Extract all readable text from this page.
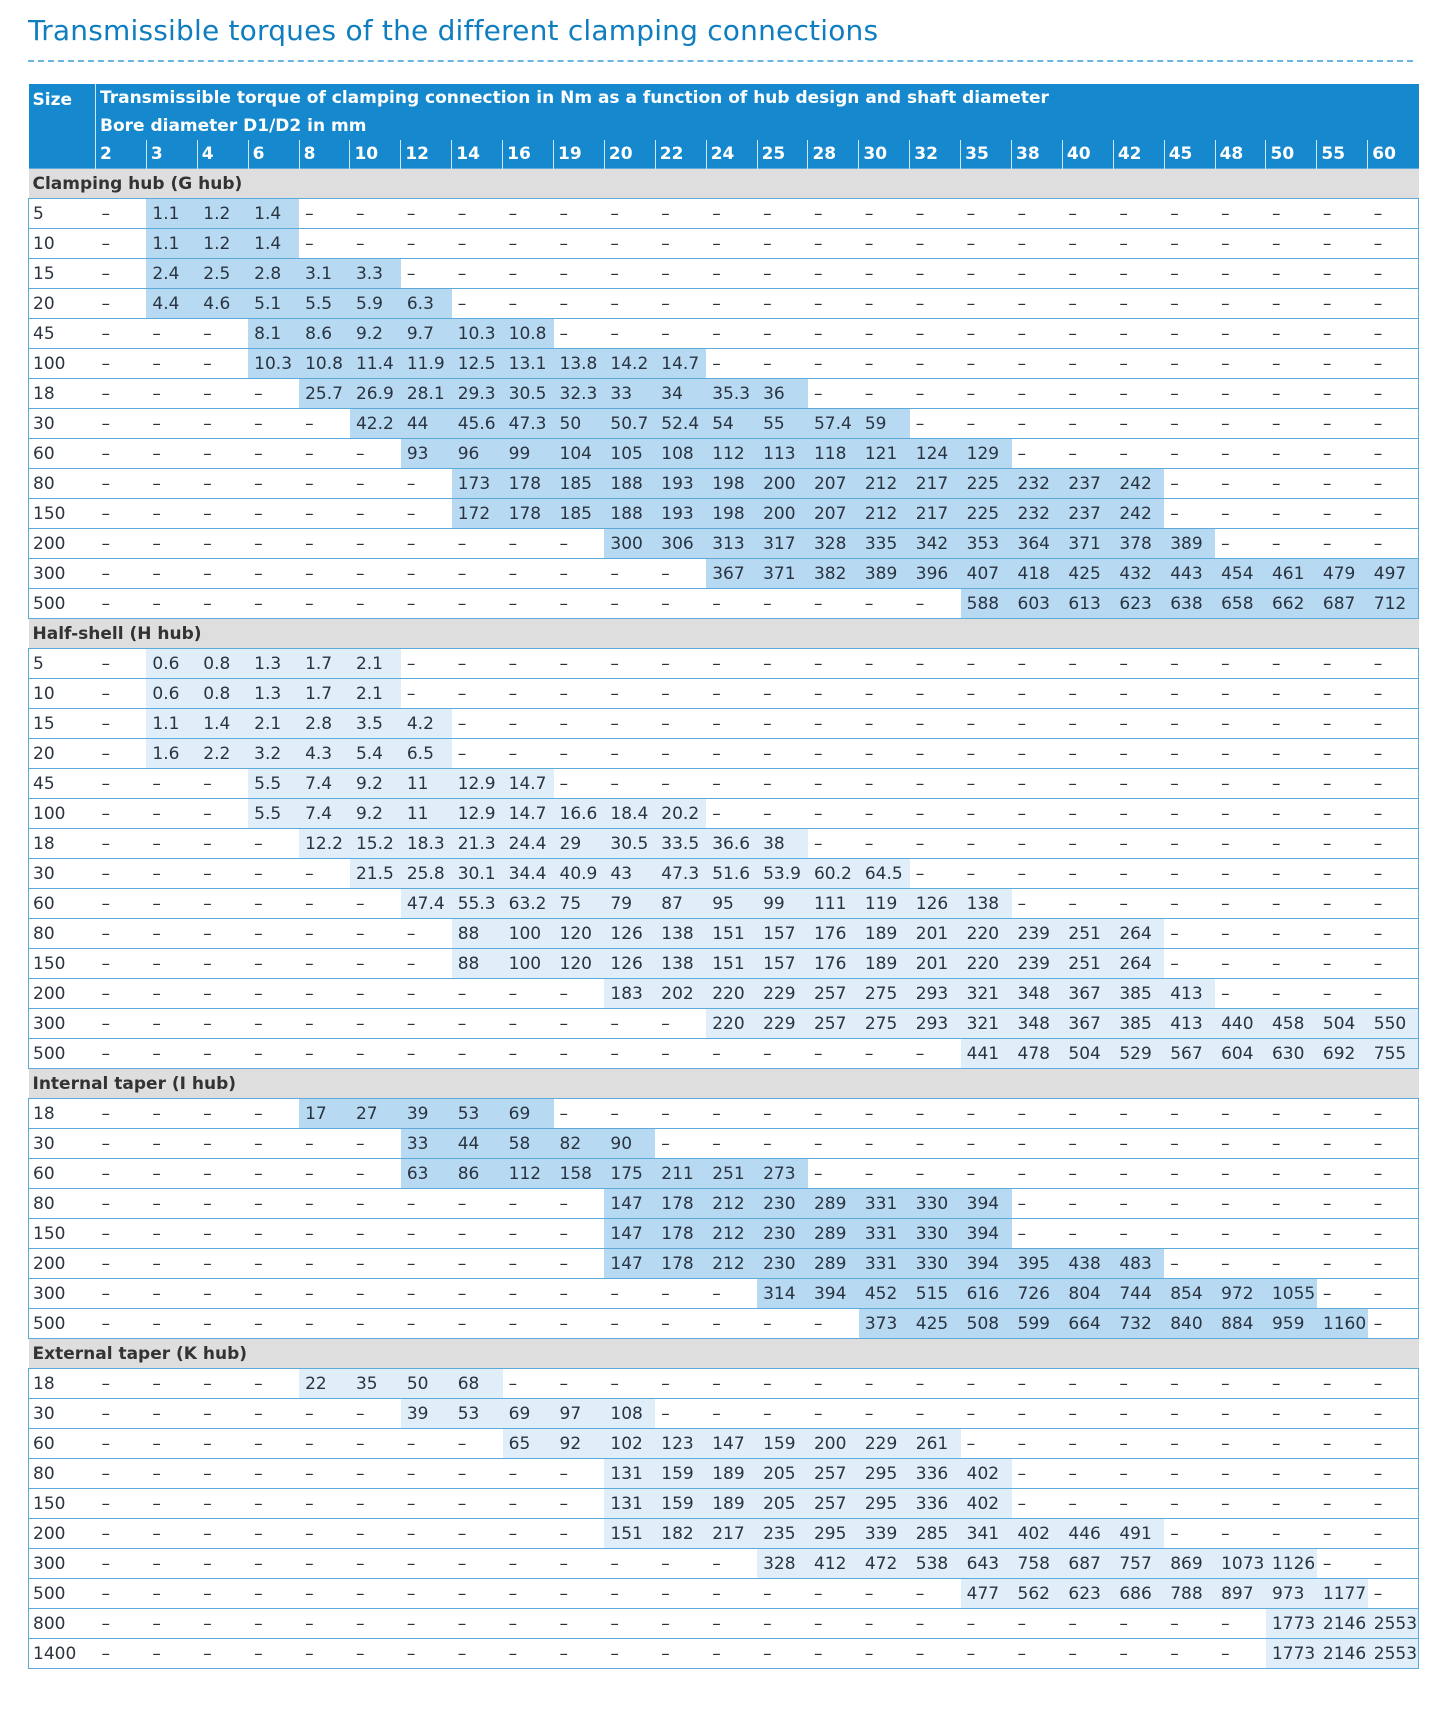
Transmissible torques of the different clamping connections
Size	Transmissible torque of clamping connection in Nm as a function of hub design and shaft diameter																									
	Bore diameter D1/D2 in mm																									
	2	3	4	6	8	10	12	14	16	19	20	22	24	25	28	30	32	35	38	40	42	45	48	50	55	60
Clamping hub (G hub)																										
5	–	1.1	1.2	1.4	–	–	–	–	–	–	–	–	–	–	–	–	–	–	–	–	–	–	–	–	–	–
10	–	1.1	1.2	1.4	–	–	–	–	–	–	–	–	–	–	–	–	–	–	–	–	–	–	–	–	–	–
15	–	2.4	2.5	2.8	3.1	3.3	–	–	–	–	–	–	–	–	–	–	–	–	–	–	–	–	–	–	–	–
20	–	4.4	4.6	5.1	5.5	5.9	6.3	–	–	–	–	–	–	–	–	–	–	–	–	–	–	–	–	–	–	–
45	–	–	–	8.1	8.6	9.2	9.7	10.3	10.8	–	–	–	–	–	–	–	–	–	–	–	–	–	–	–	–	–
100	–	–	–	10.3	10.8	11.4	11.9	12.5	13.1	13.8	14.2	14.7	–	–	–	–	–	–	–	–	–	–	–	–	–	–
18	–	–	–	–	25.7	26.9	28.1	29.3	30.5	32.3	33	34	35.3	36	–	–	–	–	–	–	–	–	–	–	–	–
30	–	–	–	–	–	42.2	44	45.6	47.3	50	50.7	52.4	54	55	57.4	59	–	–	–	–	–	–	–	–	–	–
60	–	–	–	–	–	–	93	96	99	104	105	108	112	113	118	121	124	129	–	–	–	–	–	–	–	–
80	–	–	–	–	–	–	–	173	178	185	188	193	198	200	207	212	217	225	232	237	242	–	–	–	–	–
150	–	–	–	–	–	–	–	172	178	185	188	193	198	200	207	212	217	225	232	237	242	–	–	–	–	–
200	–	–	–	–	–	–	–	–	–	–	300	306	313	317	328	335	342	353	364	371	378	389	–	–	–	–
300	–	–	–	–	–	–	–	–	–	–	–	–	367	371	382	389	396	407	418	425	432	443	454	461	479	497
500	–	–	–	–	–	–	–	–	–	–	–	–	–	–	–	–	–	588	603	613	623	638	658	662	687	712
Half-shell (H hub)																										
5	–	0.6	0.8	1.3	1.7	2.1	–	–	–	–	–	–	–	–	–	–	–	–	–	–	–	–	–	–	–	–
10	–	0.6	0.8	1.3	1.7	2.1	–	–	–	–	–	–	–	–	–	–	–	–	–	–	–	–	–	–	–	–
15	–	1.1	1.4	2.1	2.8	3.5	4.2	–	–	–	–	–	–	–	–	–	–	–	–	–	–	–	–	–	–	–
20	–	1.6	2.2	3.2	4.3	5.4	6.5	–	–	–	–	–	–	–	–	–	–	–	–	–	–	–	–	–	–	–
45	–	–	–	5.5	7.4	9.2	11	12.9	14.7	–	–	–	–	–	–	–	–	–	–	–	–	–	–	–	–	–
100	–	–	–	5.5	7.4	9.2	11	12.9	14.7	16.6	18.4	20.2	–	–	–	–	–	–	–	–	–	–	–	–	–	–
18	–	–	–	–	12.2	15.2	18.3	21.3	24.4	29	30.5	33.5	36.6	38	–	–	–	–	–	–	–	–	–	–	–	–
30	–	–	–	–	–	21.5	25.8	30.1	34.4	40.9	43	47.3	51.6	53.9	60.2	64.5	–	–	–	–	–	–	–	–	–	–
60	–	–	–	–	–	–	47.4	55.3	63.2	75	79	87	95	99	111	119	126	138	–	–	–	–	–	–	–	–
80	–	–	–	–	–	–	–	88	100	120	126	138	151	157	176	189	201	220	239	251	264	–	–	–	–	–
150	–	–	–	–	–	–	–	88	100	120	126	138	151	157	176	189	201	220	239	251	264	–	–	–	–	–
200	–	–	–	–	–	–	–	–	–	–	183	202	220	229	257	275	293	321	348	367	385	413	–	–	–	–
300	–	–	–	–	–	–	–	–	–	–	–	–	220	229	257	275	293	321	348	367	385	413	440	458	504	550
500	–	–	–	–	–	–	–	–	–	–	–	–	–	–	–	–	–	441	478	504	529	567	604	630	692	755
Internal taper (I hub)																										
18	–	–	–	–	17	27	39	53	69	–	–	–	–	–	–	–	–	–	–	–	–	–	–	–	–	–
30	–	–	–	–	–	–	33	44	58	82	90	–	–	–	–	–	–	–	–	–	–	–	–	–	–	–
60	–	–	–	–	–	–	63	86	112	158	175	211	251	273	–	–	–	–	–	–	–	–	–	–	–	–
80	–	–	–	–	–	–	–	–	–	–	147	178	212	230	289	331	330	394	–	–	–	–	–	–	–	–
150	–	–	–	–	–	–	–	–	–	–	147	178	212	230	289	331	330	394	–	–	–	–	–	–	–	–
200	–	–	–	–	–	–	–	–	–	–	147	178	212	230	289	331	330	394	395	438	483	–	–	–	–	–
300	–	–	–	–	–	–	–	–	–	–	–	–	–	314	394	452	515	616	726	804	744	854	972	1055	–	–
500	–	–	–	–	–	–	–	–	–	–	–	–	–	–	–	373	425	508	599	664	732	840	884	959	1160	–
External taper (K hub)																										
18	–	–	–	–	22	35	50	68	–	–	–	–	–	–	–	–	–	–	–	–	–	–	–	–	–	–
30	–	–	–	–	–	–	39	53	69	97	108	–	–	–	–	–	–	–	–	–	–	–	–	–	–	–
60	–	–	–	–	–	–	–	–	65	92	102	123	147	159	200	229	261	–	–	–	–	–	–	–	–	–
80	–	–	–	–	–	–	–	–	–	–	131	159	189	205	257	295	336	402	–	–	–	–	–	–	–	–
150	–	–	–	–	–	–	–	–	–	–	131	159	189	205	257	295	336	402	–	–	–	–	–	–	–	–
200	–	–	–	–	–	–	–	–	–	–	151	182	217	235	295	339	285	341	402	446	491	–	–	–	–	–
300	–	–	–	–	–	–	–	–	–	–	–	–	–	328	412	472	538	643	758	687	757	869	1073	1126	–	–
500	–	–	–	–	–	–	–	–	–	–	–	–	–	–	–	–	–	477	562	623	686	788	897	973	1177	–
800	–	–	–	–	–	–	–	–	–	–	–	–	–	–	–	–	–	–	–	–	–	–	–	1773	2146	2553
1400	–	–	–	–	–	–	–	–	–	–	–	–	–	–	–	–	–	–	–	–	–	–	–	1773	2146	2553
